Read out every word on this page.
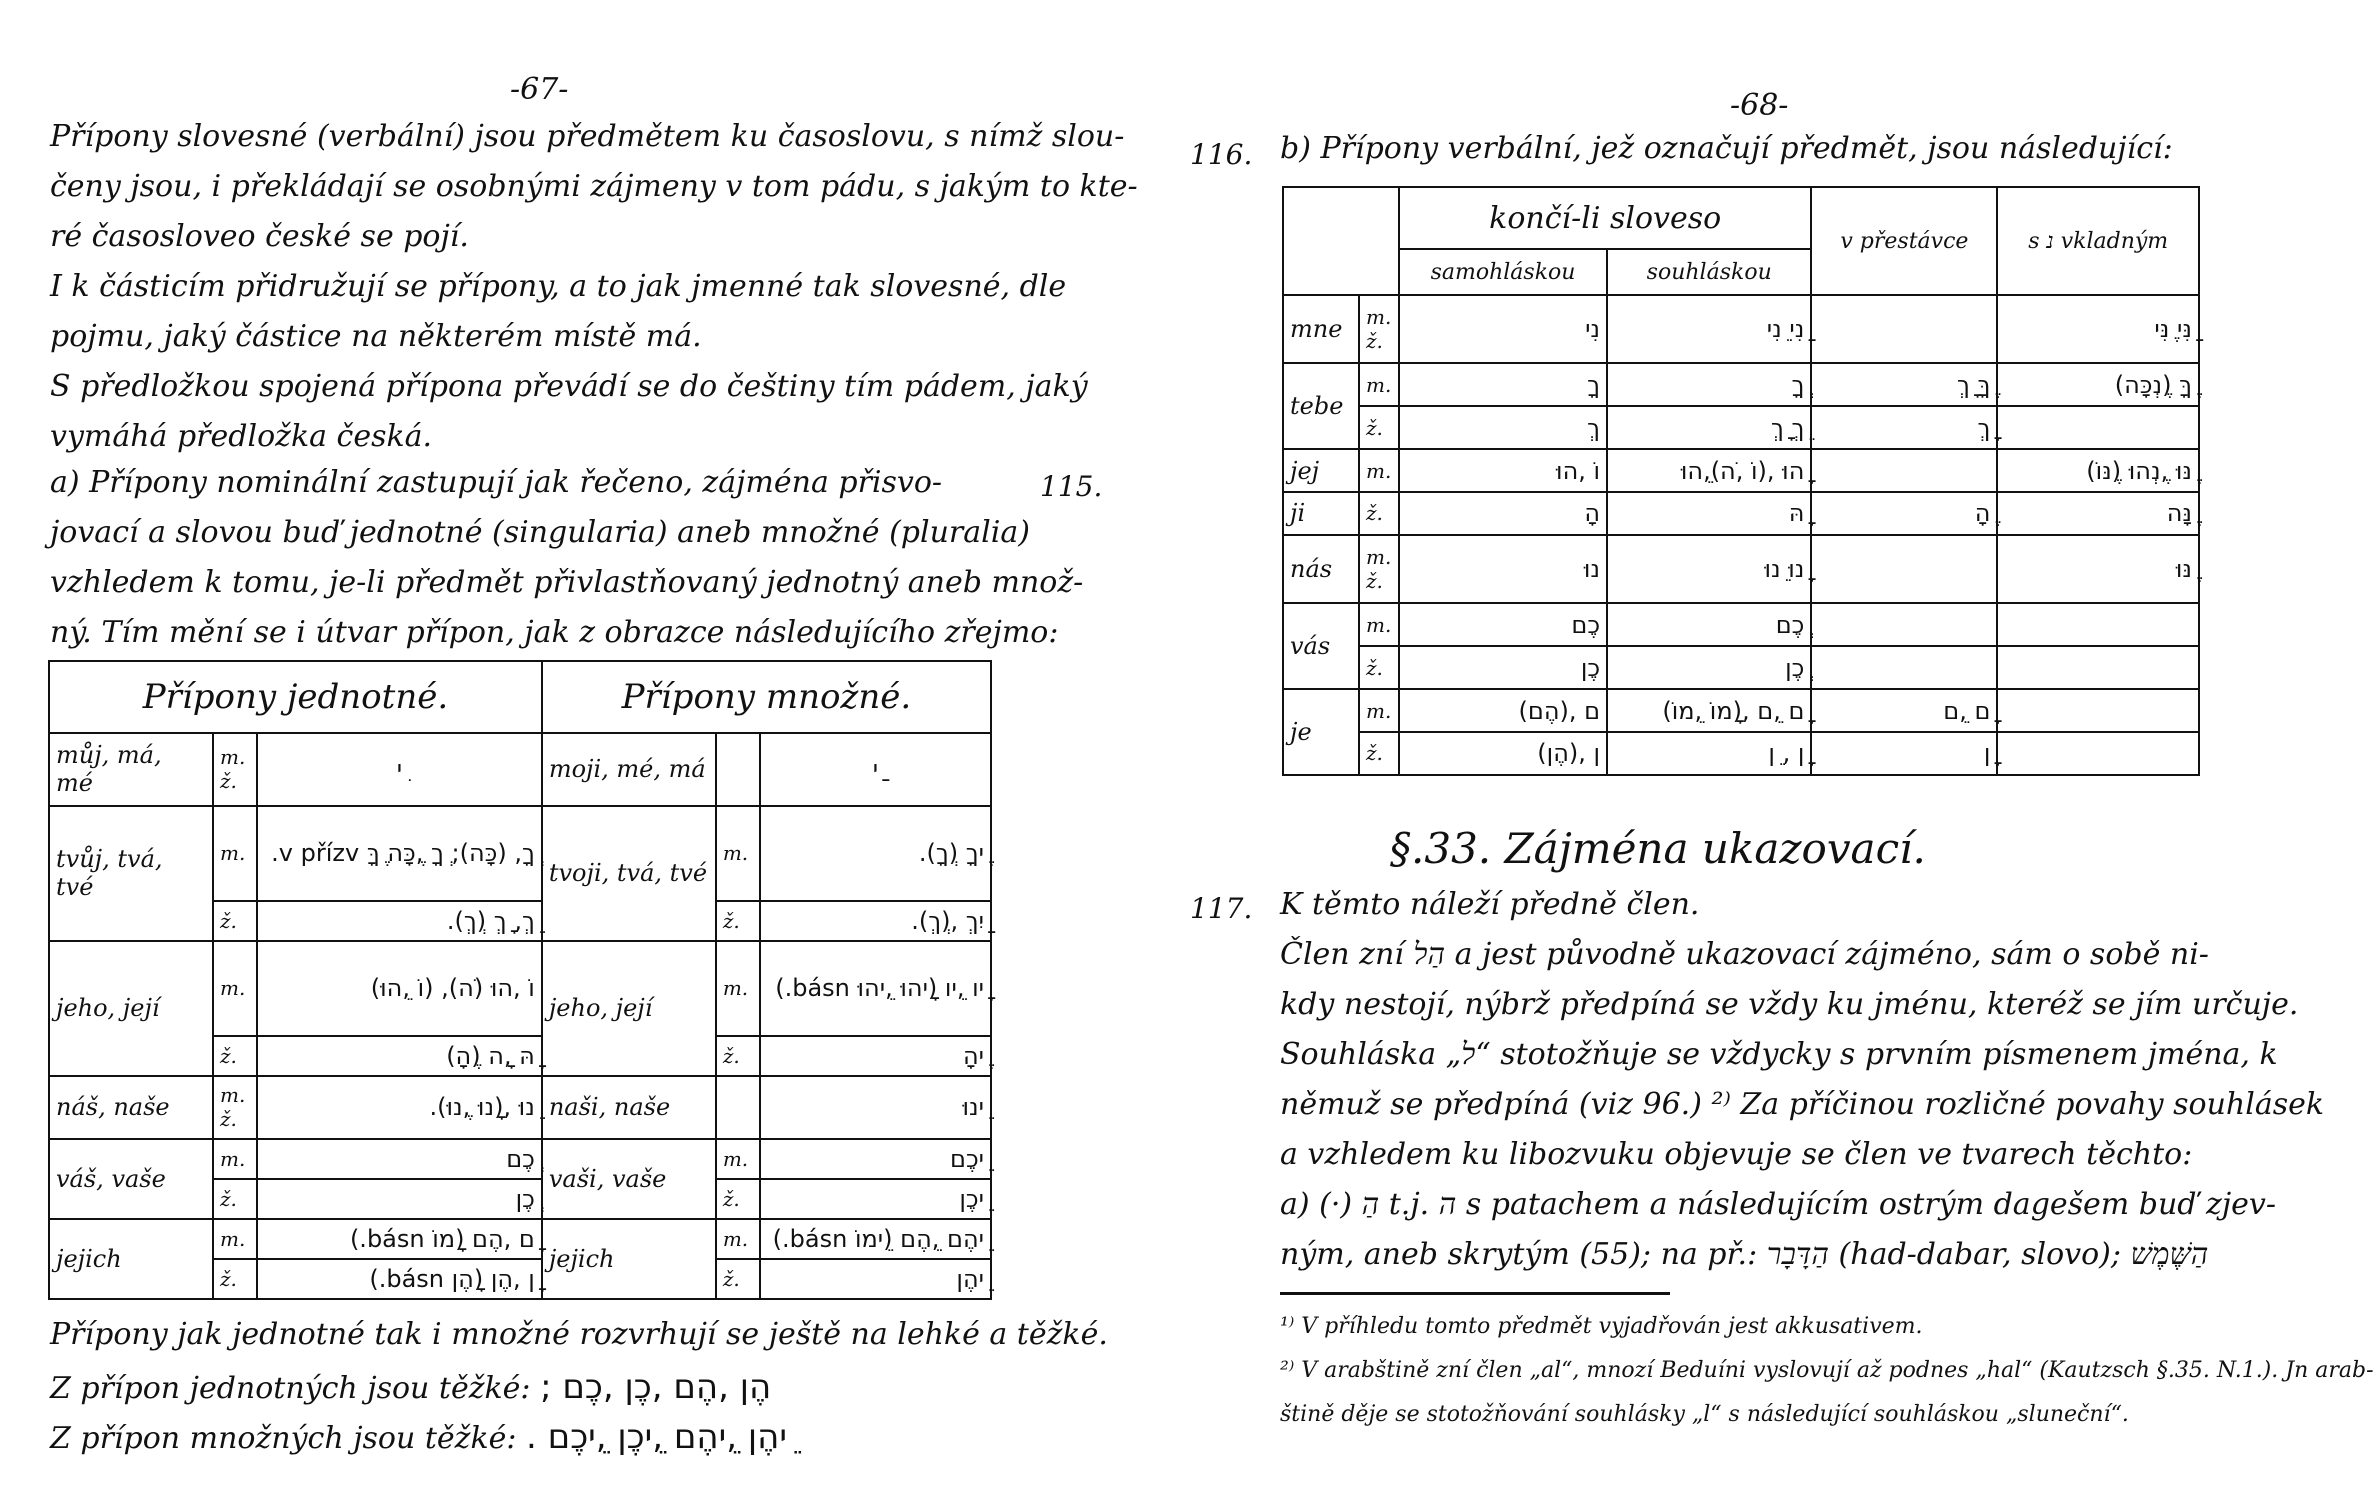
-67-
Přípony slovesné (verbální) jsou předmětem ku časoslovu, s nímž slou-
čeny jsou, i překládají se osobnými zájmeny v tom pádu, s jakým to kte-
ré časosloveo české se pojí.
I k částicím přidružují se přípony, a to jak jmenné tak slovesné, dle
pojmu, jaký částice na některém místě má.
S předložkou spojená přípona převádí se do češtiny tím pádem, jaký
vymáhá předložka česká.
a) Přípony nominální zastupují jak řečeno, zájména přisvo-
jovací a slovou buď jednotné (singularia) aneb množné (pluralia)
vzhledem k tomu, je-li předmět přivlastňovaný jednotný aneb množ-
ný. Tím mění se i útvar přípon, jak z obrazce následujícího zřejmo:
115.
Přípony jednotné.			Přípony množné.		
můj, má, mé	m. ž.	ִי	moji, mé, má		ַי
tvůj, tvá, tvé	m.	ְךָ, (כָּה); ְךָ ,ֶכָּה ֶךָּ v přízv.	tvoji, tvá, tvé	m.	ֶיךָ (ְךָ).
	ž.	ֵךְ, ָךְ (ְךְ).		ž.	ַיִךְ ,(ְךְ).
jeho, její	m.	וֹ ,הוּ (ֹה), (וֹ ,ֵהוּ)	jeho, její	m.	ָיו ,ֵיו (ָיהוּ ,ֵיהוּ básn.)
	ž.	ָהּ ,ָה (ֶהָ)		ž.	ֶיהָ
náš, naše	m. ž.	ֵנוּ ,(ָנוּ ,ֶנוּ).	naši, naše		ֵינוּ
váš, vaše	m.	ְכֶם	vaši, vaše	m.	ֵיכֶם
	ž.	ְכֶן		ž.	ֵיכֶן
jejich	m.	ָם ,הֶם (ָמוֹ básn.)	jejich	m.	ֵיהֶם ,ֵהֶם (ֵימוֹ básn.)
	ž.	ָן ,הֶן (ָהֶן básn.)		ž.	ֵיהֶן
Přípony jak jednotné tak i množné rozvrhují se ještě na lehké a těžké.
Z přípon jednotných jsou těžké: הֶן ,הֶם ,כֶן ,כֶם ;
Z přípon množných jsou těžké: ֵיהֶן ,ֵיהֶם ,ֵיכֶן ,ֵיכֶם .
-68-
116. b) Přípony verbální, jež označují předmět, jsou následující:
		končí-li sloveso		v přestávce	s נ vkladným
		samohláskou	souhláskou		
mne	m. ž.	נִי	ַנִי ֵנִי		ַנִּי ֶנִּי
tebe	m.	ךָ	ְךָ	ֶךָּ ָךְ	ֶךָּ (ֶנְכָּה)
	ž.	ךְ	ֵךְ ָךְ	ָךְ	
jej	m.	וֹ ,הוּ	ָהוּ ,(וֹ ,ֹה),ֵהוּ		ֶנּוּ ,ֶנְהוּ (ֶנּוֹ)
ji	ž.	הָ	ָהּ	ֶהָ	ֶנָּה
nás	m. ž.	נוּ	ָנוּ ֵנוּ		ֶנּוּ
vás	m.	כֶם	ְכֶם		
	ž.	כֶן	ְכֶן		
je	m.	ם ,(הֶם)	ָם ,ֵם ,(ָמוֹ ,ֵמוֹ)	ָם ,ֵם	
	ž.	ן ,(הֶן)	ָן , ֵן	ָן	
§.33. Zájména ukazovací.
117. K těmto náleží předně člen.
Člen zní הַל a jest původně ukazovací zájméno, sám o sobě ni-
kdy nestojí, nýbrž předpíná se vždy ku jménu, kteréž se jím určuje.
Souhláska „ל“ stotožňuje se vždycky s prvním písmenem jména, k
němuž se předpíná (viz 96.) ²⁾ Za příčinou rozličné povahy souhlásek
a vzhledem ku libozvuku objevuje se člen ve tvarech těchto:
a) (·) הַ t.j. ה s patachem a následujícím ostrým dagešem buď zjev-
ným, aneb skrytým (55); na př.: הַדָּבָר (had-dabar, slovo); הַשֶּׁמֶשׁ
¹⁾ V příhledu tomto předmět vyjadřován jest akkusativem.
²⁾ V arabštině zní člen „al“, mnozí Beduíni vyslovují až podnes „hal“ (Kautzsch §.35. N.1.). Jn arab-
štině děje se stotožňování souhlásky „l“ s následující souhláskou „sluneční“.
